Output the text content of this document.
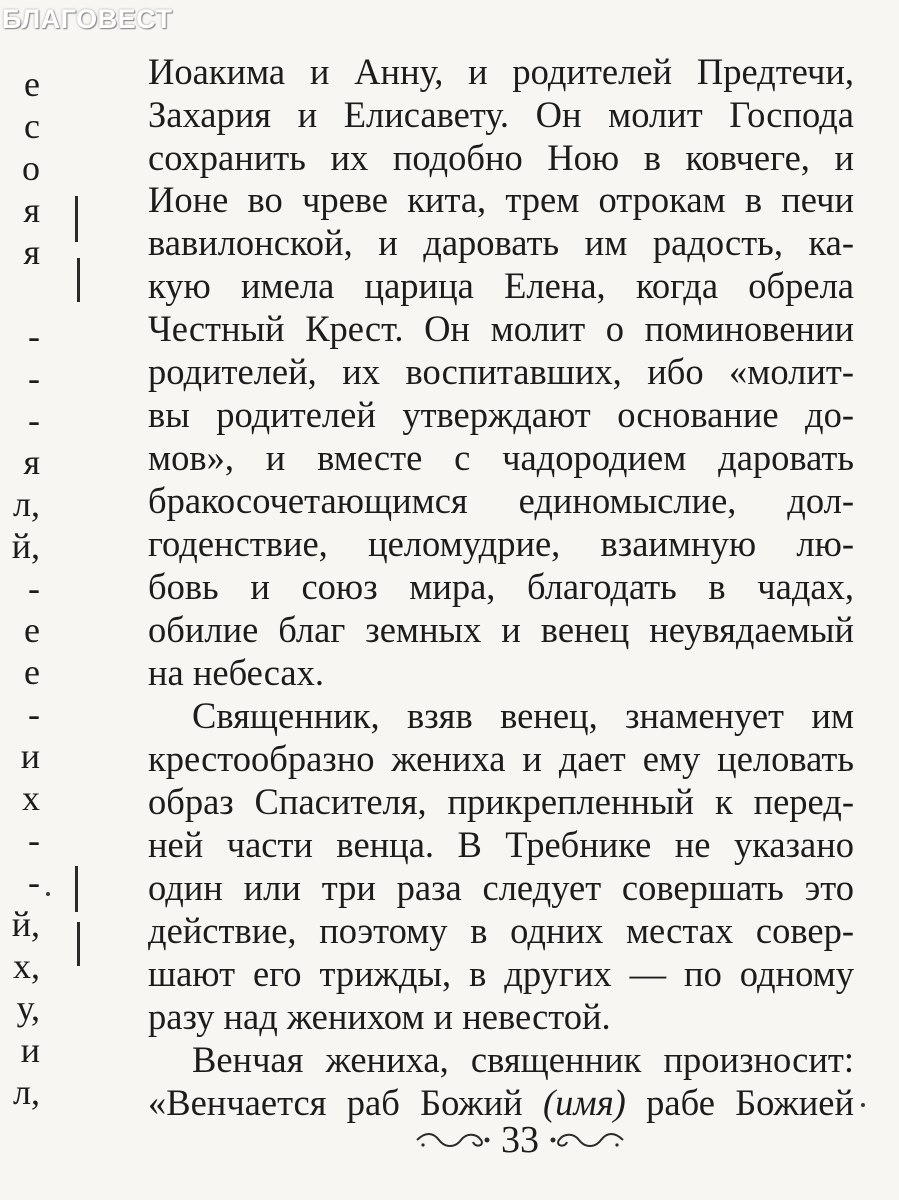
БЛАГОВЕСТ
е
с
о
я
я
-
-
-
я
л,
й,
-
е
е
-
и
х
-
-
й,
х,
у,
и
л,
Иоакима и Анну, и родителей Предтечи,
Захария и Елисавету. Он молит Господа
сохранить их подобно Ною в ковчеге, и
Ионе во чреве кита, трем отрокам в печи
вавилонской, и даровать им радость, ка-
кую имела царица Елена, когда обрела
Честный Крест. Он молит о поминовении
родителей, их воспитавших, ибо «молит-
вы родителей утверждают основание до-
мов», и вместе с чадородием даровать
бракосочетающимся единомыслие, дол-
годенствие, целомудрие, взаимную лю-
бовь и союз мира, благодать в чадах,
обилие благ земных и венец неувядаемый
на небесах.
Священник, взяв венец, знаменует им
крестообразно жениха и дает ему целовать
образ Спасителя, прикрепленный к перед-
ней части венца. В Требнике не указано
один или три раза следует совершать это
действие, поэтому в одних местах совер-
шают его трижды, в других — по одному
разу над женихом и невестой.
Венчая жениха, священник произносит:
«Венчается раб Божий (имя) рабе Божией
33
